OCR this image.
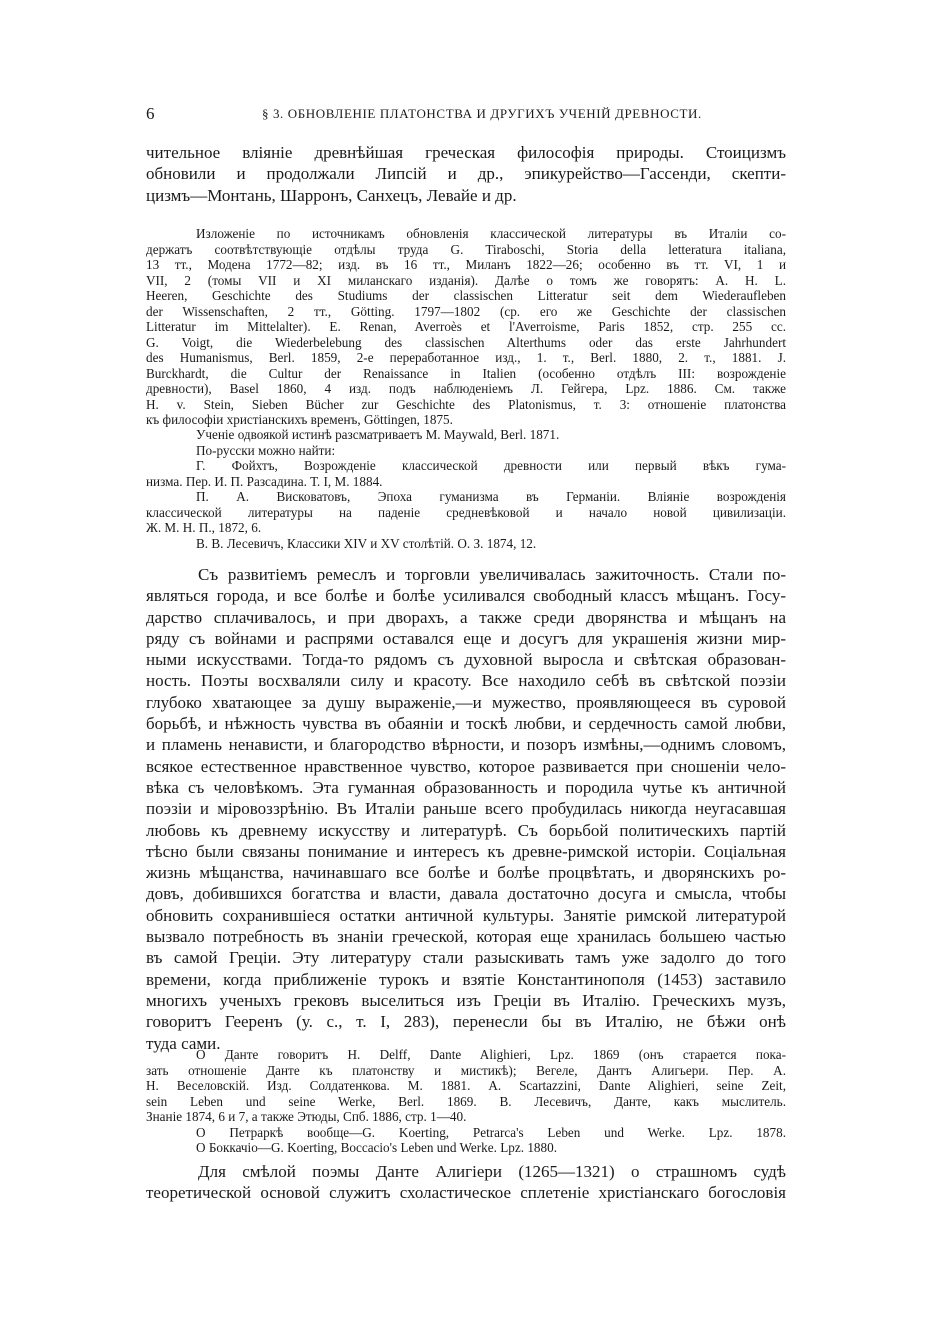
6	§ 3. ОБНОВЛЕНІЕ ПЛАТОНСТВА И ДРУГИХЪ УЧЕНІЙ ДРЕВНОСТИ.
чительное вліяніе древнѣйшая греческая философія природы. Стоицизмъ
обновили и продолжали Липсій и др., эпикурейство—Гассенди, скепти-
цизмъ—Монтань, Шарронъ, Санхецъ, Левайе и др.
Изложеніе по источникамъ обновленія классической литературы въ Италіи со-
держатъ соотвѣтствующіе отдѣлы труда G. Tiraboschi, Storia della letteratura italiana,
13 тт., Модена 1772—82; изд. въ 16 тт., Миланъ 1822—26; особенно въ тт. VI, 1 и
VII, 2 (томы VII и XI миланскаго изданія). Далѣе о томъ же говорятъ: A. H. L.
Heeren, Geschichte des Studiums der classischen Litteratur seit dem Wiederaufleben
der Wissenschaften, 2 тт., Götting. 1797—1802 (ср. его же Geschichte der classischen
Litteratur im Mittelalter). E. Renan, Averroès et l'Averroisme, Paris 1852, стр. 255 сс.
G. Voigt, die Wiederbelebung des classischen Alterthums oder das erste Jahrhundert
des Humanismus, Berl. 1859, 2-е переработанное изд., 1. т., Berl. 1880, 2. т., 1881. J.
Burckhardt, die Cultur der Renaissance in Italien (особенно отдѣлъ III: возрожденіе
древности), Basel 1860, 4 изд. подъ наблюденіемъ Л. Гейгера, Lpz. 1886. См. также
H. v. Stein, Sieben Bücher zur Geschichte des Platonismus, т. 3: отношеніе платонства
къ философіи христіанскихъ временъ, Göttingen, 1875.
Ученіе одвоякой истинѣ разсматриваетъ M. Maywald, Berl. 1871.
По-русски можно найти:
Г. Фойхтъ, Возрожденіе классической древности или первый вѣкъ гума-
низма. Пер. И. П. Разсадина. Т. I, М. 1884.
П. А. Висковатовъ, Эпоха гуманизма въ Германіи. Вліяніе возрожденія
классической литературы на паденіе средневѣковой и начало новой цивилизаціи.
Ж. М. Н. П., 1872, 6.
В. В. Лесевичъ, Классики XIV и XV столѣтій. О. З. 1874, 12.
Съ развитіемъ ремеслъ и торговли увеличивалась зажиточность. Стали по-
являться города, и все болѣе и болѣе усиливался свободный классъ мѣщанъ. Госу-
дарство сплачивалось, и при дворахъ, а также среди дворянства и мѣщанъ на
ряду съ войнами и распрями оставался еще и досугъ для украшенія жизни мир-
ными искусствами. Тогда-то рядомъ съ духовной выросла и свѣтская образован-
ность. Поэты восхваляли силу и красоту. Все находило себѣ въ свѣтской поэзіи
глубоко хватающее за душу выраженіе,—и мужество, проявляющееся въ суровой
борьбѣ, и нѣжность чувства въ обаяніи и тоскѣ любви, и сердечность самой любви,
и пламень ненависти, и благородство вѣрности, и позоръ измѣны,—однимъ словомъ,
всякое естественное нравственное чувство, которое развивается при сношеніи чело-
вѣка съ человѣкомъ. Эта гуманная образованность и породила чутье къ античной
поэзіи и міровоззрѣнію. Въ Италіи раньше всего пробудилась никогда неугасавшая
любовь къ древнему искусству и литературѣ. Съ борьбой политическихъ партій
тѣсно были связаны понимание и интересъ къ древне-римской исторіи. Соціальная
жизнь мѣщанства, начинавшаго все болѣе и болѣе процвѣтать, и дворянскихъ ро-
довъ, добившихся богатства и власти, давала достаточно досуга и смысла, чтобы
обновить сохранившіеся остатки античной культуры. Занятіе римской литературой
вызвало потребность въ знаніи греческой, которая еще хранилась большею частью
въ самой Греціи. Эту литературу стали разыскивать тамъ уже задолго до того
времени, когда приближеніе турокъ и взятіе Константинополя (1453) заставило
многихъ ученыхъ грековъ выселиться изъ Греціи въ Италію. Греческихъ музъ,
говоритъ Гееренъ (у. с., т. I, 283), перенесли бы въ Италію, не бѣжи онѣ
туда сами.
О Данте говоритъ H. Delff, Dante Alighieri, Lpz. 1869 (онъ старается пока-
зать отношеніе Данте къ платонству и мистикѣ); Вегеле, Дантъ Алигьери. Пер. А.
Н. Веселовскій. Изд. Солдатенкова. М. 1881. A. Scartazzini, Dante Alighieri, seine Zeit,
sein Leben und seine Werke, Berl. 1869. В. Лесевичъ, Данте, какъ мыслитель.
Знаніе 1874, 6 и 7, а также Этюды, Спб. 1886, стр. 1—40.
О Петраркѣ вообще—G. Koerting, Petrarca's Leben und Werke. Lpz. 1878.
О Боккачіо—G. Koerting, Boccacio's Leben und Werke. Lpz. 1880.
Для смѣлой поэмы Данте Алигіери (1265—1321) о страшномъ судѣ
теоретической основой служитъ схоластическое сплетеніе христіанскаго богословія
